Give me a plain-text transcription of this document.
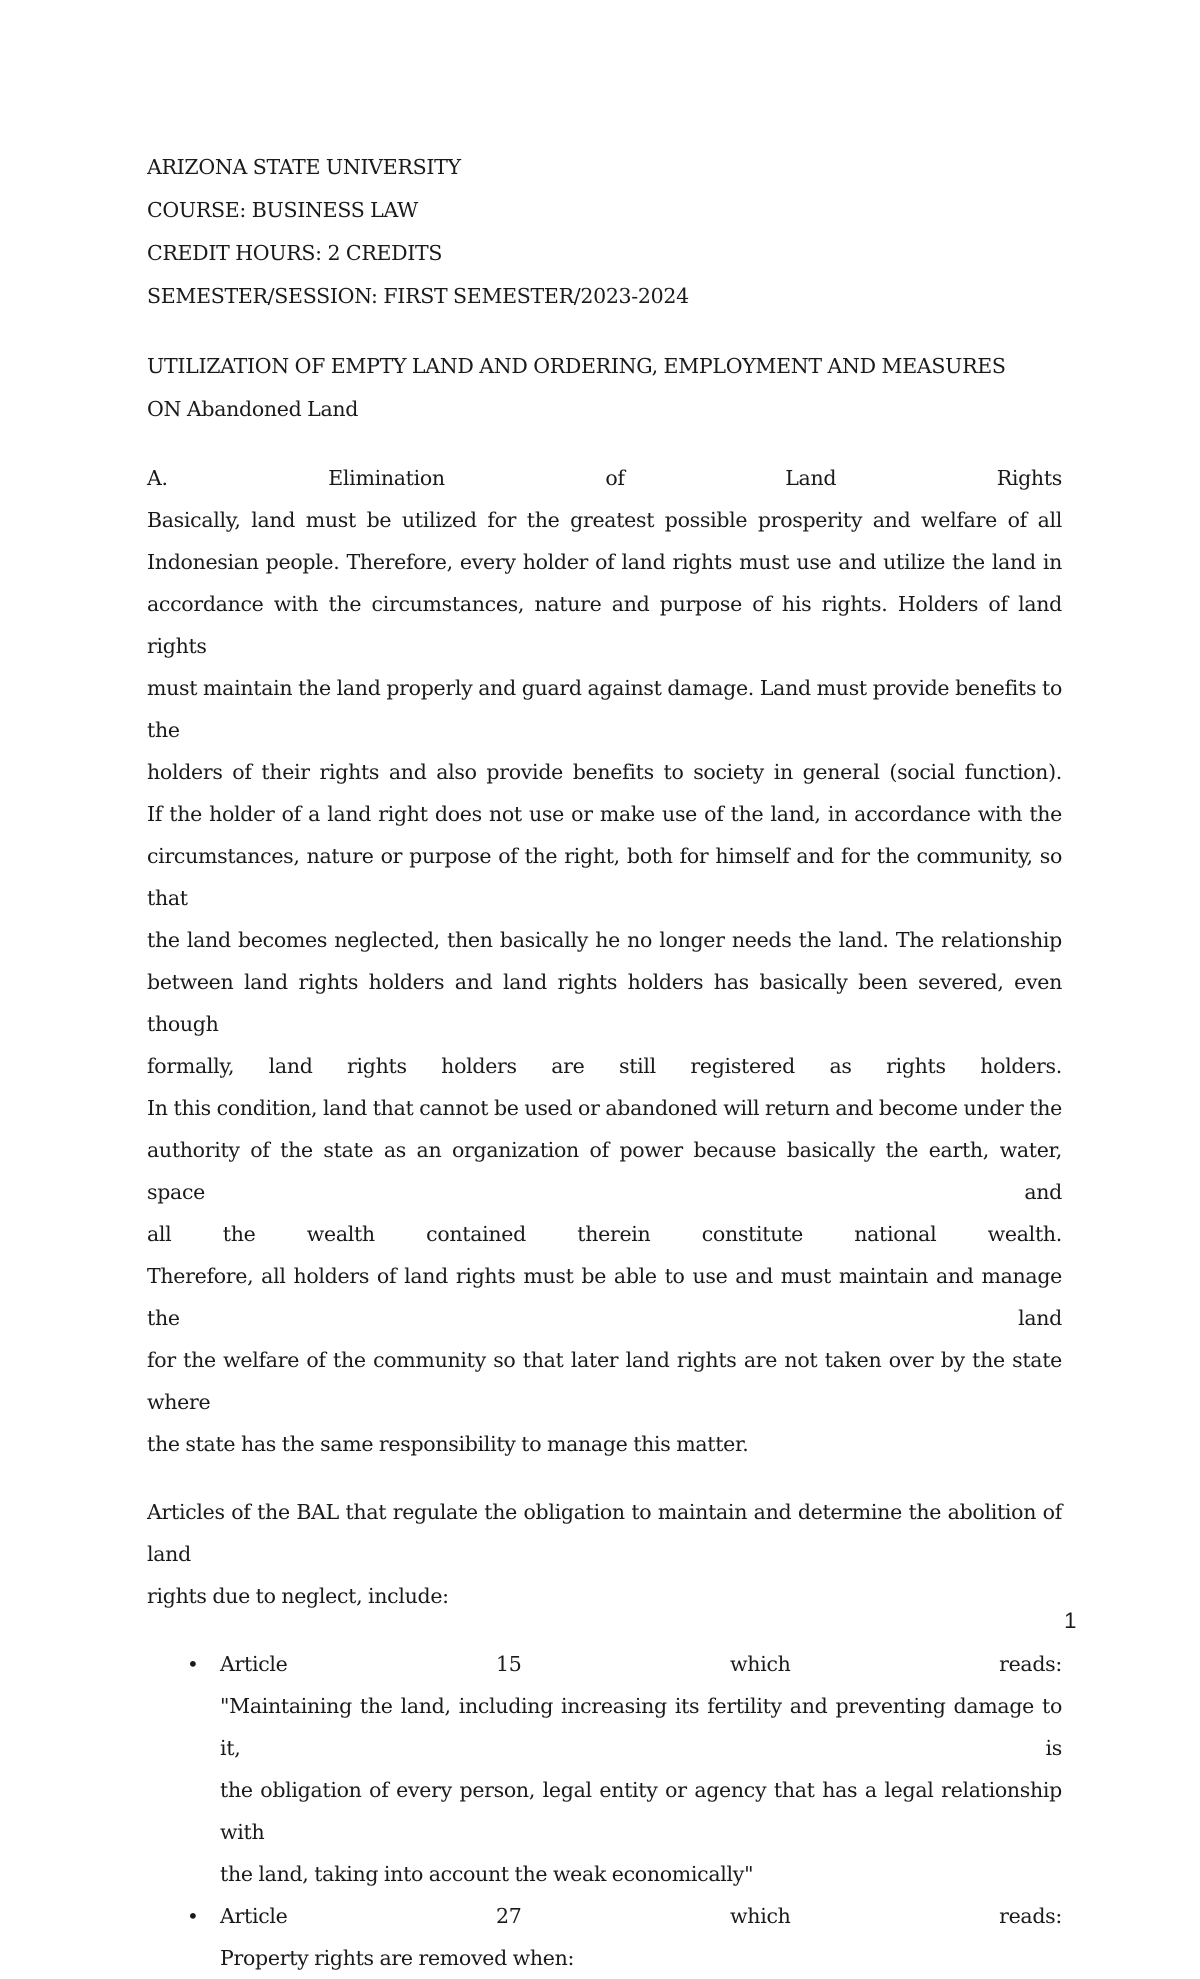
ARIZONA STATE UNIVERSITY
COURSE: BUSINESS LAW
CREDIT HOURS: 2 CREDITS
SEMESTER/SESSION: FIRST SEMESTER/2023-2024
UTILIZATION OF EMPTY LAND AND ORDERING, EMPLOYMENT AND MEASURES
ON Abandoned Land
A. Elimination of Land Rights
Basically, land must be utilized for the greatest possible prosperity and welfare of all
Indonesian people. Therefore, every holder of land rights must use and utilize the land in
accordance with the circumstances, nature and purpose of his rights. Holders of land rights
must maintain the land properly and guard against damage. Land must provide benefits to the
holders of their rights and also provide benefits to society in general (social function).
If the holder of a land right does not use or make use of the land, in accordance with the
circumstances, nature or purpose of the right, both for himself and for the community, so that
the land becomes neglected, then basically he no longer needs the land. The relationship
between land rights holders and land rights holders has basically been severed, even though
formally, land rights holders are still registered as rights holders.
In this condition, land that cannot be used or abandoned will return and become under the
authority of the state as an organization of power because basically the earth, water, space and
all the wealth contained therein constitute national wealth.
Therefore, all holders of land rights must be able to use and must maintain and manage the land
for the welfare of the community so that later land rights are not taken over by the state where
the state has the same responsibility to manage this matter.
Articles of the BAL that regulate the obligation to maintain and determine the abolition of land
rights due to neglect, include:
• Article 15 which reads:
"Maintaining the land, including increasing its fertility and preventing damage to it, is
the obligation of every person, legal entity or agency that has a legal relationship with
the land, taking into account the weak economically"
• Article 27 which reads:
Property rights are removed when:
1
